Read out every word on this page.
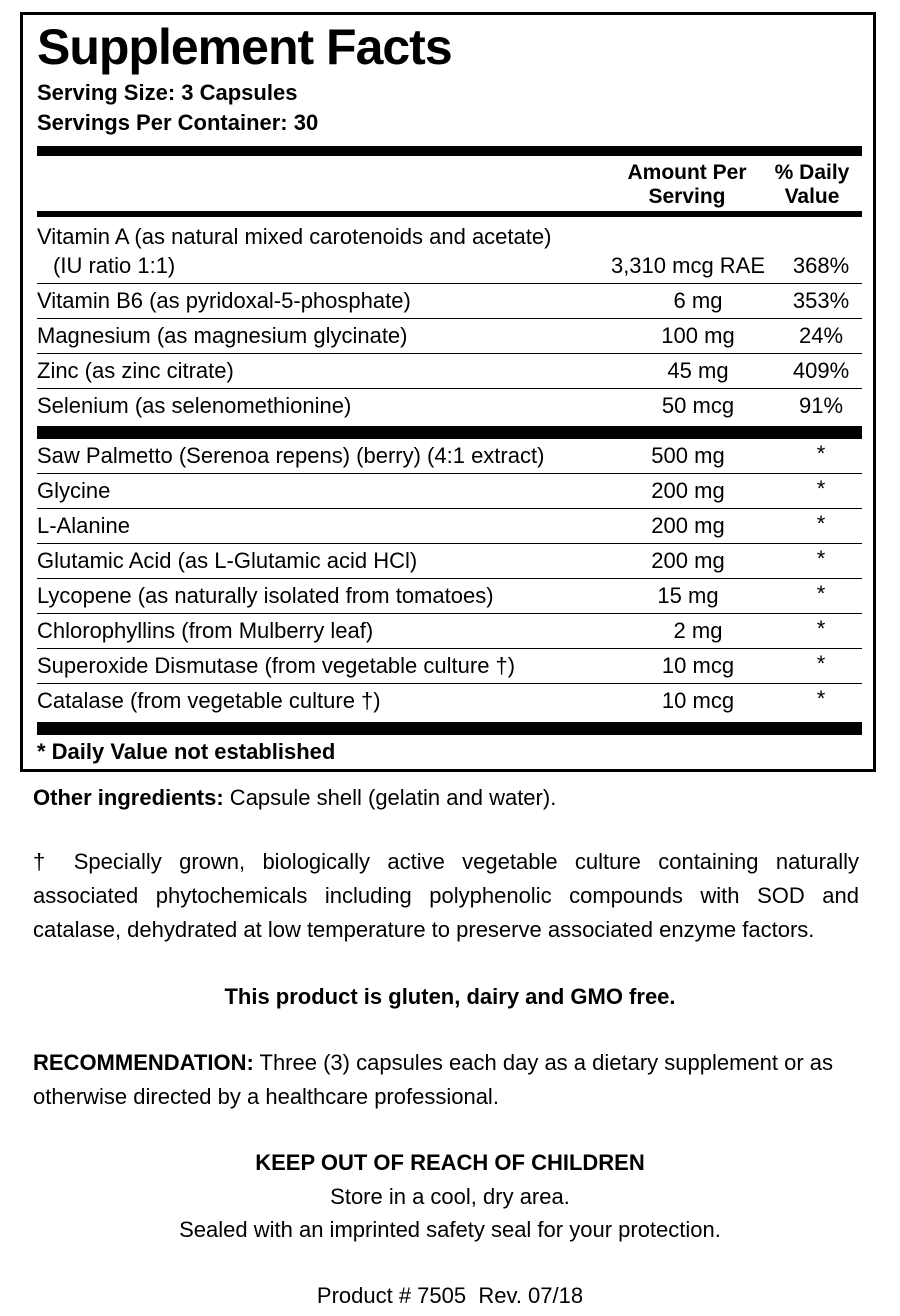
Supplement Facts
Serving Size: 3 Capsules
Servings Per Container: 30
Amount Per
Serving
% Daily
Value
Vitamin A (as natural mixed carotenoids and acetate)
(IU ratio 1:1)	3,310 mcg RAE	368%
Vitamin B6 (as pyridoxal-5-phosphate)	6 mg	353%
Magnesium (as magnesium glycinate)	100 mg	24%
Zinc (as zinc citrate)	45 mg	409%
Selenium (as selenomethionine)	50 mcg	91%
Saw Palmetto (Serenoa repens) (berry) (4:1 extract)	500 mg	*
Glycine	200 mg	*
L-Alanine	200 mg	*
Glutamic Acid (as L-Glutamic acid HCl)	200 mg	*
Lycopene (as naturally isolated from tomatoes)	15 mg	*
Chlorophyllins (from Mulberry leaf)	2 mg	*
Superoxide Dismutase (from vegetable culture †)	10 mcg	*
Catalase (from vegetable culture †)	10 mcg	*
* Daily Value not established
Other ingredients: Capsule shell (gelatin and water).
† Specially grown, biologically active vegetable culture containing naturally associated phytochemicals including polyphenolic compounds with SOD and catalase, dehydrated at low temperature to preserve associated enzyme factors.
This product is gluten, dairy and GMO free.
RECOMMENDATION: Three (3) capsules each day as a dietary supplement or as otherwise directed by a healthcare professional.
KEEP OUT OF REACH OF CHILDREN
Store in a cool, dry area.
Sealed with an imprinted safety seal for your protection.
Product # 7505  Rev. 07/18
